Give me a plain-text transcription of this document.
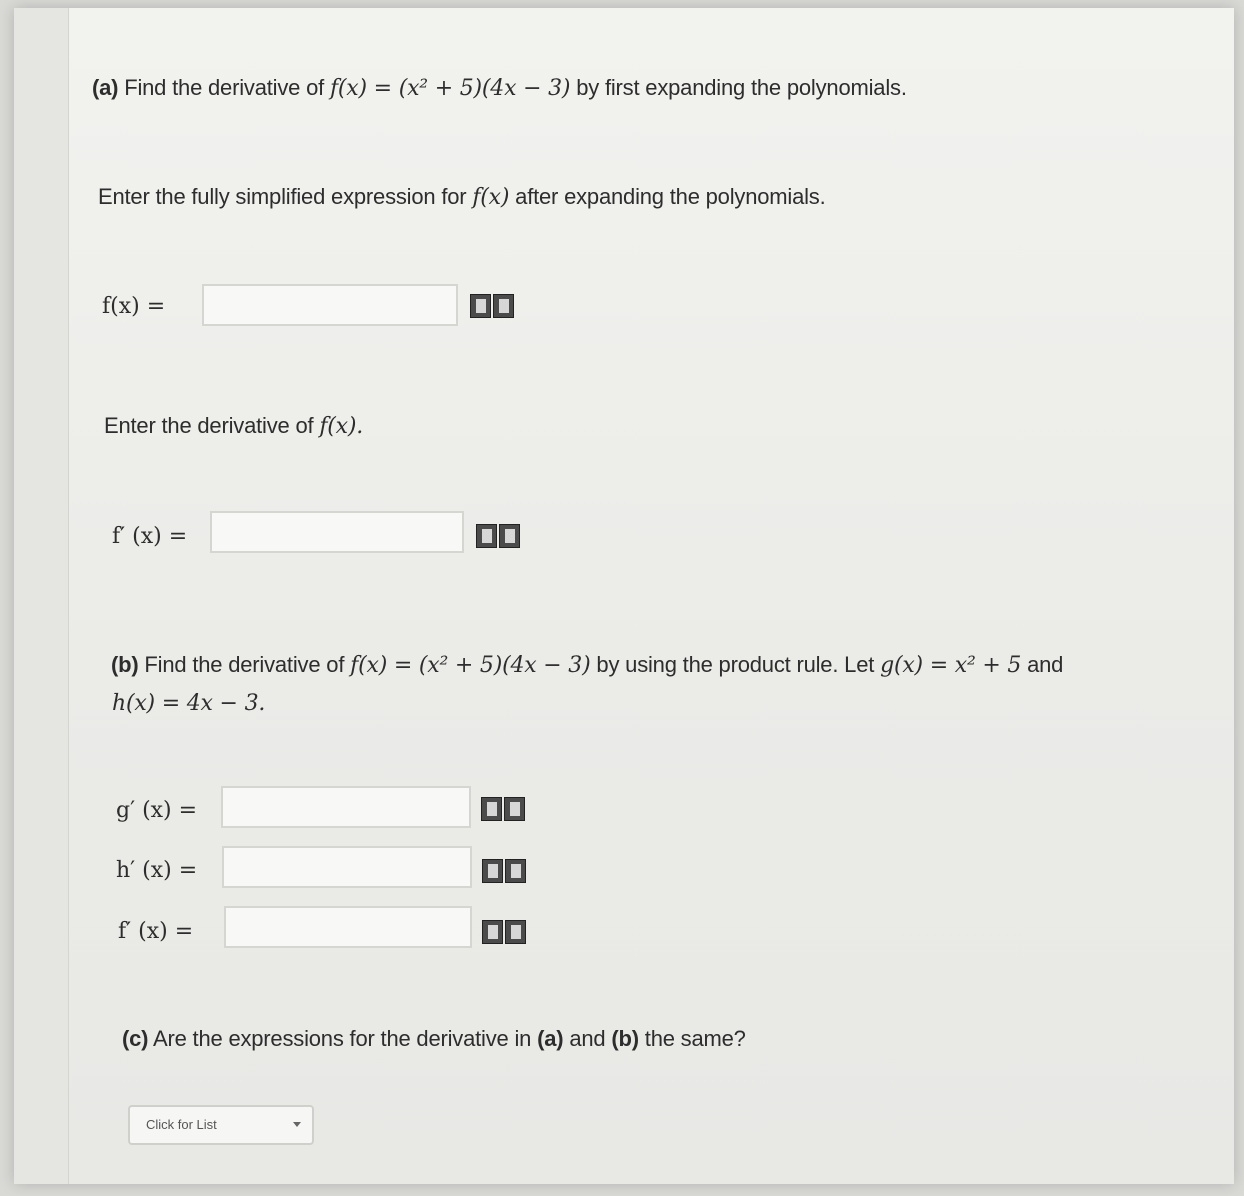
(a) Find the derivative of f(x) = (x² + 5)(4x − 3) by first expanding the polynomials.
Enter the fully simplified expression for f(x) after expanding the polynomials.
f(x) =
Enter the derivative of f(x).
f′ (x) =
(b) Find the derivative of f(x) = (x² + 5)(4x − 3) by using the product rule. Let g(x) = x² + 5 and
h(x) = 4x − 3.
g′ (x) =
h′ (x) =
f′ (x) =
(c) Are the expressions for the derivative in (a) and (b) the same?
Click for List
